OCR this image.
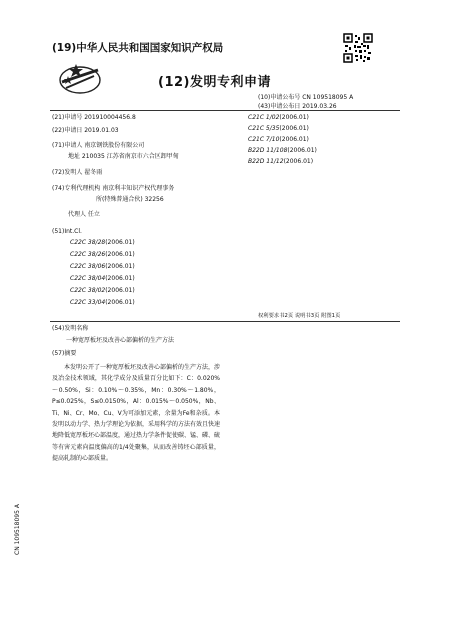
(19)中华人民共和国国家知识产权局
(12)发明专利申请
(10)申请公布号 CN 109518095 A
(43)申请公布日 2019.03.26
(21)申请号 201910004456.8
(22)申请日 2019.01.03
(71)申请人 南京钢铁股份有限公司
地址 210035 江苏省南京市六合区卸甲甸
(72)发明人 翟冬雨
(74)专利代理机构 南京利丰知识产权代理事务
所(特殊普通合伙) 32256
代理人 任立
(51)Int.Cl.
C22C 38/28(2006.01)
C22C 38/26(2006.01)
C22C 38/06(2006.01)
C22C 38/04(2006.01)
C22C 38/02(2006.01)
C22C 33/04(2006.01)
C21C 1/02(2006.01)
C21C 5/35(2006.01)
C21C 7/10(2006.01)
B22D 11/108(2006.01)
B22D 11/12(2006.01)
权利要求书2页 说明书3页 附图1页
(54)发明名称
一种宽厚板坯及改善心部偏析的生产方法
(57)摘要
  本发明公开了一种宽厚板坯及改善心部偏析的生产方法，涉及冶金技术领域，其化学成分及质量百分比如下：C：0.020%～0.50%，Si：0.10%～0.35%，Mn：0.30%～1.80%，P≤0.025%，S≤0.0150%，Al：0.015%～0.050%，Nb、Ti、Ni、Cr、Mo、Cu、V为可添加元素，余量为Fe和杂质。本发明以动力学、热力学理论为依据，采用科学的方法有效且快速地降低宽厚板坯心部温度，通过热力学条件促使碳、锰、磷、硫等有害元素向温度偏高的1/4处聚集，从而改善铸坯心部质量，提高轧制的心部质量。
CN 109518095 A
